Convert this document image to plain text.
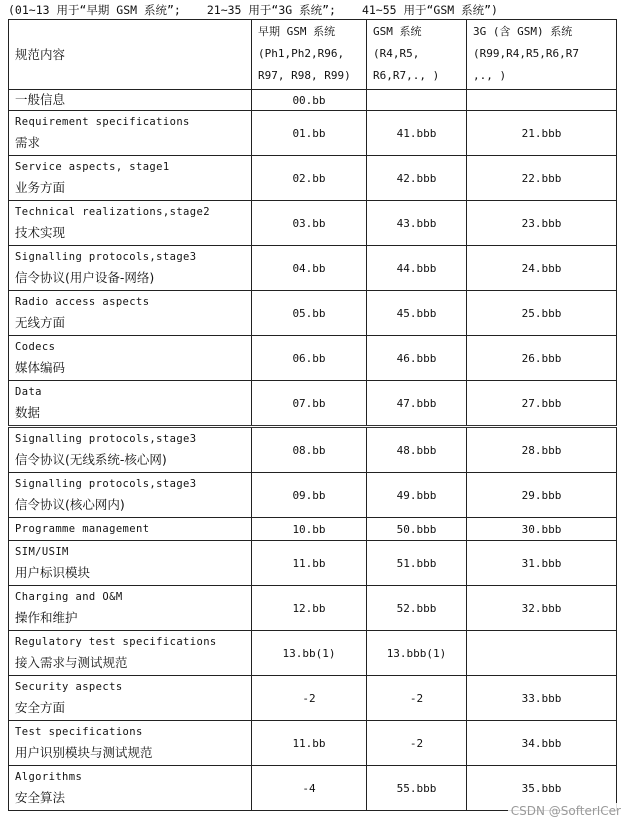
(01~13 用于“早期 GSM 系统”; 21~35 用于“3G 系统”; 41~55 用于“GSM 系统”)
规范内容	早期 GSM 系统
(Ph1,Ph2,R96,
R97, R98, R99)	GSM 系统
(R4,R5,
R6,R7,., )	3G (含 GSM) 系统
(R99,R4,R5,R6,R7
,., )

一般信息	00.bb		

Requirement specifications
需求	01.bb	41.bbb	21.bbb

Service aspects, stage1
业务方面	02.bb	42.bbb	22.bbb

Technical realizations,stage2
技术实现	03.bb	43.bbb	23.bbb

Signalling protocols,stage3
信令协议(用户设备-网络)	04.bb	44.bbb	24.bbb

Radio access aspects
无线方面	05.bb	45.bbb	25.bbb

Codecs
媒体编码	06.bb	46.bbb	26.bbb

Data
数据	07.bb	47.bbb	27.bbb

Signalling protocols,stage3
信令协议(无线系统-核心网)	08.bb	48.bbb	28.bbb

Signalling protocols,stage3
信令协议(核心网内)	09.bb	49.bbb	29.bbb

Programme management	10.bb	50.bbb	30.bbb

SIM/USIM
用户标识模块	11.bb	51.bbb	31.bbb

Charging and O&M
操作和维护	12.bb	52.bbb	32.bbb

Regulatory test specifications
接入需求与测试规范	13.bb(1)	13.bbb(1)	

Security aspects
安全方面	-2	-2	33.bbb

Test specifications
用户识别模块与测试规范	11.bb	-2	34.bbb

Algorithms
安全算法	-4	55.bbb	35.bbb
CSDN @SofterICer
